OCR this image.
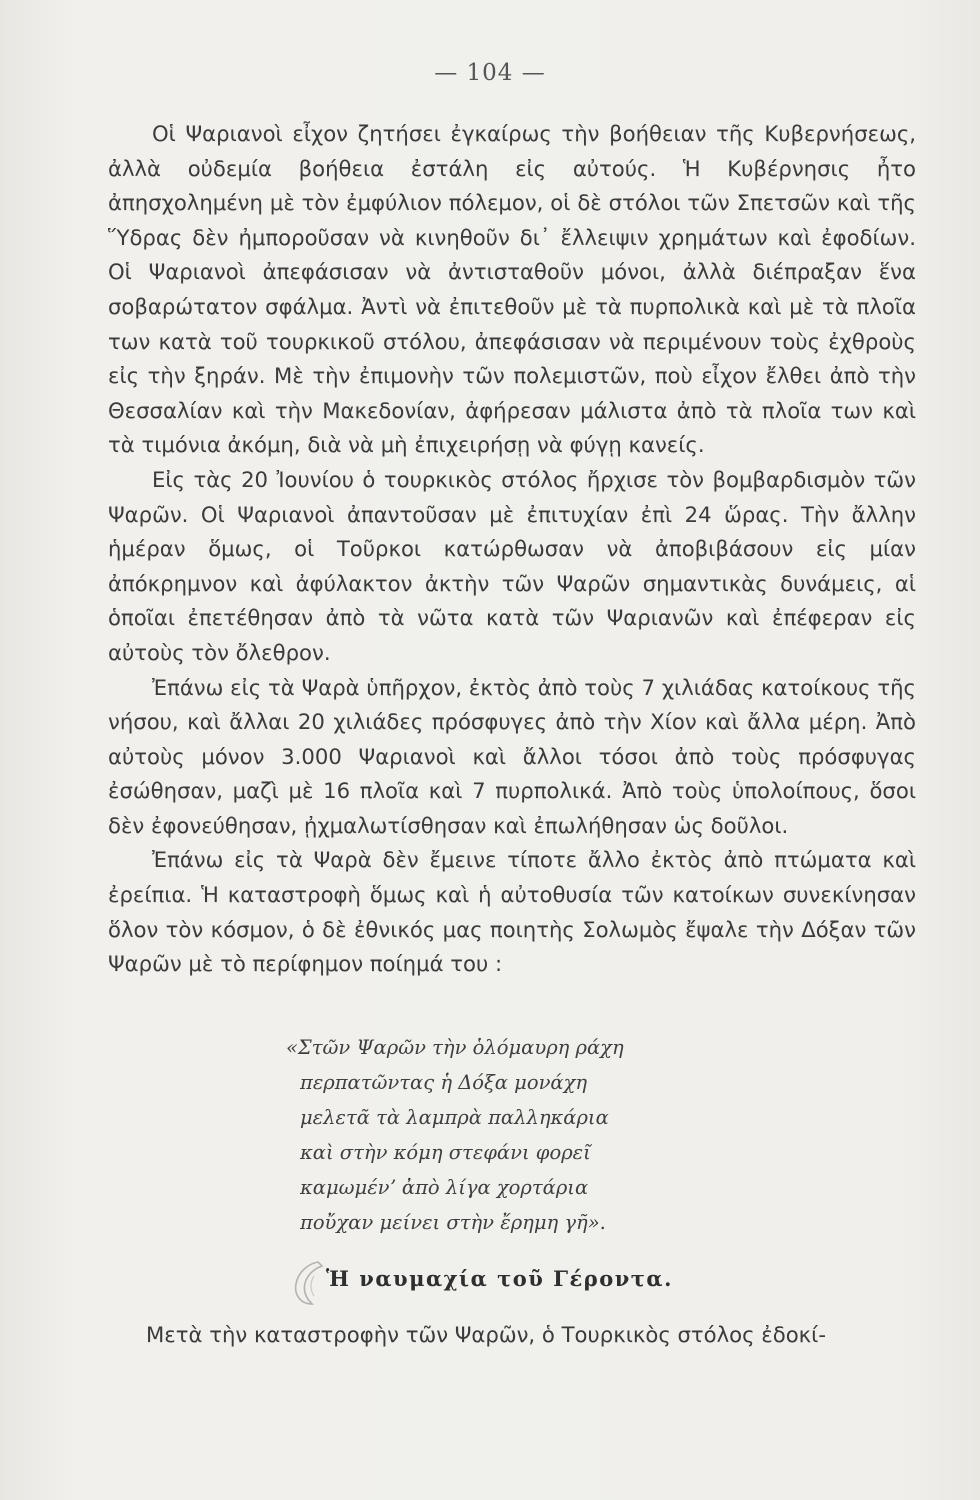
— 104 —

Οἱ Ψαριανοὶ εἶχον ζητήσει ἐγκαίρως τὴν βοήθειαν τῆς Κυβερνήσεως, ἀλλὰ οὐδεμία βοήθεια ἐστάλη εἰς αὐτούς. Ἡ Κυβέρνησις ἦτο ἀπησχολημένη μὲ τὸν ἐμφύλιον πόλεμον, οἱ δὲ στόλοι τῶν Σπετσῶν καὶ τῆς Ὕδρας δὲν ἠμποροῦσαν νὰ κινηθοῦν δι᾽ ἔλλειψιν χρημάτων καὶ ἐφοδίων. Οἱ Ψαριανοὶ ἀπεφάσισαν νὰ ἀντισταθοῦν μόνοι, ἀλλὰ διέπραξαν ἕνα σοβαρώτατον σφάλμα. Ἀντὶ νὰ ἐπιτεθοῦν μὲ τὰ πυρπολικὰ καὶ μὲ τὰ πλοῖα των κατὰ τοῦ τουρκικοῦ στόλου, ἀπεφάσισαν νὰ περιμένουν τοὺς ἐχθροὺς εἰς τὴν ξηράν. Μὲ τὴν ἐπιμονὴν τῶν πολεμιστῶν, ποὺ εἶχον ἔλθει ἀπὸ τὴν Θεσσαλίαν καὶ τὴν Μακεδονίαν, ἀφήρεσαν μάλιστα ἀπὸ τὰ πλοῖα των καὶ τὰ τιμόνια ἀκόμη, διὰ νὰ μὴ ἐπιχειρήσῃ νὰ φύγῃ κανείς.

Εἰς τὰς 20 Ἰουνίου ὁ τουρκικὸς στόλος ἤρχισε τὸν βομβαρδισμὸν τῶν Ψαρῶν. Οἱ Ψαριανοὶ ἀπαντοῦσαν μὲ ἐπιτυχίαν ἐπὶ 24 ὥρας. Τὴν ἄλλην ἡμέραν ὅμως, οἱ Τοῦρκοι κατώρθωσαν νὰ ἀποβιβάσουν εἰς μίαν ἀπόκρημνον καὶ ἀφύλακτον ἀκτὴν τῶν Ψαρῶν σημαντικὰς δυνάμεις, αἱ ὁποῖαι ἐπετέθησαν ἀπὸ τὰ νῶτα κατὰ τῶν Ψαριανῶν καὶ ἐπέφεραν εἰς αὐτοὺς τὸν ὄλεθρον.

Ἐπάνω εἰς τὰ Ψαρὰ ὑπῆρχον, ἐκτὸς ἀπὸ τοὺς 7 χιλιάδας κατοίκους τῆς νήσου, καὶ ἄλλαι 20 χιλιάδες πρόσφυγες ἀπὸ τὴν Χίον καὶ ἄλλα μέρη. Ἀπὸ αὐτοὺς μόνον 3.000 Ψαριανοὶ καὶ ἄλλοι τόσοι ἀπὸ τοὺς πρόσφυγας ἐσώθησαν, μαζὶ μὲ 16 πλοῖα καὶ 7 πυρπολικά. Ἀπὸ τοὺς ὑπολοίπους, ὅσοι δὲν ἐφονεύθησαν, ᾐχμαλωτίσθησαν καὶ ἐπωλήθησαν ὡς δοῦλοι.

Ἐπάνω εἰς τὰ Ψαρὰ δὲν ἔμεινε τίποτε ἄλλο ἐκτὸς ἀπὸ πτώματα καὶ ἐρείπια. Ἡ καταστροφὴ ὅμως καὶ ἡ αὐτοθυσία τῶν κατοίκων συνεκίνησαν ὅλον τὸν κόσμον, ὁ δὲ ἐθνικός μας ποιητὴς Σολωμὸς ἔψαλε τὴν Δόξαν τῶν Ψαρῶν μὲ τὸ περίφημον ποίημά του :

«Στῶν Ψαρῶν τὴν ὁλόμαυρη ράχη
περπατῶντας ἡ Δόξα μονάχη
μελετᾶ τὰ λαμπρὰ παλληκάρια
καὶ στὴν κόμη στεφάνι φορεῖ
καμωμένʼ ἀπὸ λίγα χορτάρια
ποὔχαν μείνει στὴν ἔρημη γῆ».
Ἡ ναυμαχία τοῦ Γέροντα.
Μετὰ τὴν καταστροφὴν τῶν Ψαρῶν, ὁ Τουρκικὸς στόλος ἐδοκί-
